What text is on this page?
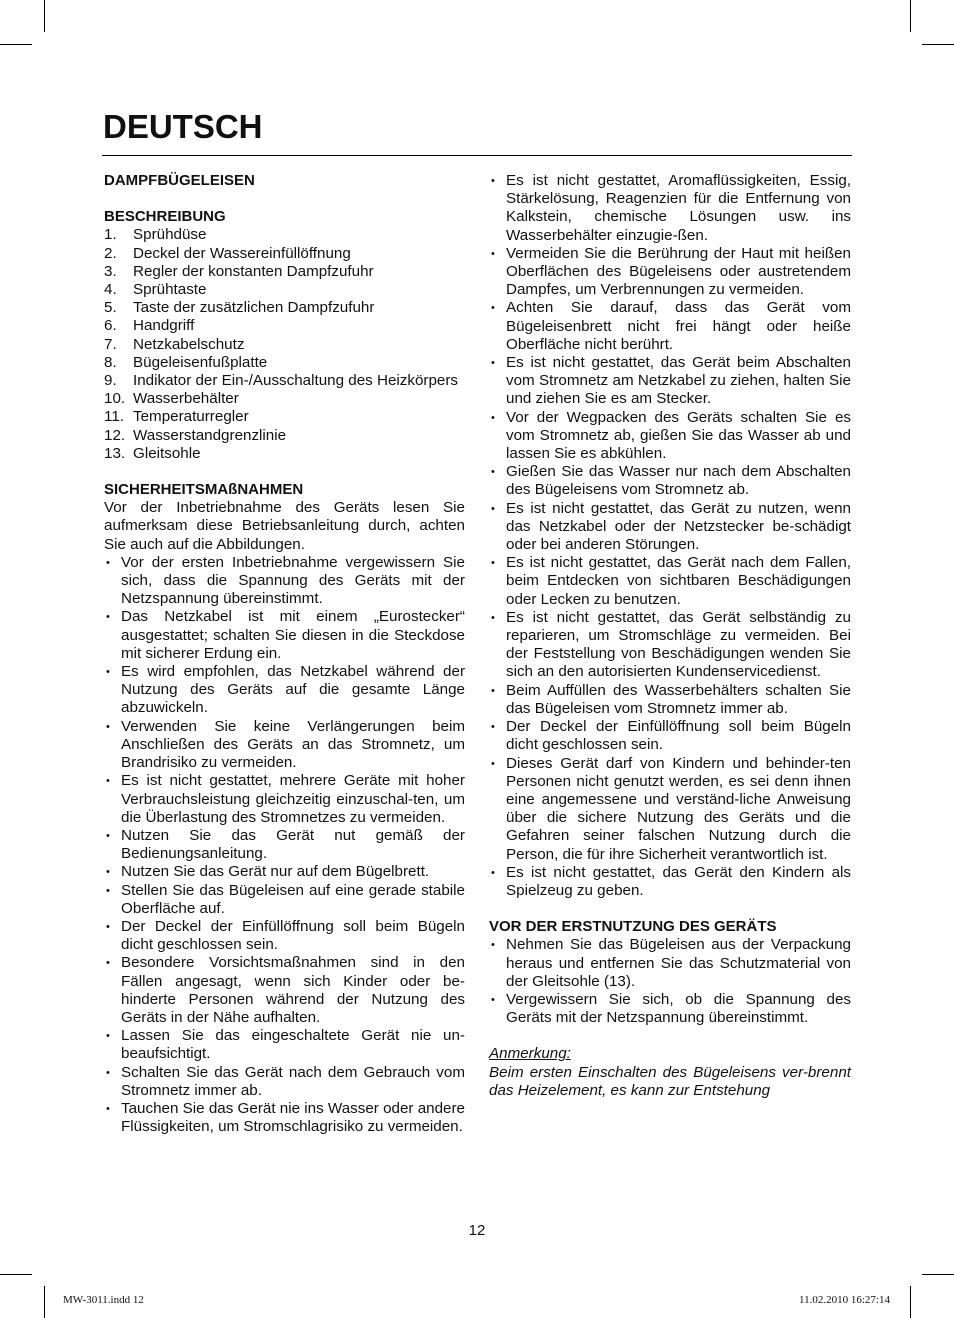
DEUTSCH
DAMPFBÜGELEISEN
BESCHREIBUNG
1.	Sprühdüse
2.	Deckel der Wassereinfüllöffnung
3.	Regler der konstanten Dampfzufuhr
4.	Sprühtaste
5.	Taste der zusätzlichen Dampfzufuhr
6.	Handgriff
7.	Netzkabelschutz
8.	Bügeleisenfußplatte
9.	Indikator der Ein-/Ausschaltung des Heizkörpers
10. Wasserbehälter
11. Temperaturregler
12. Wasserstandgrenzlinie
13. Gleitsohle
SICHERHEITSMAßNAHMEN

Vor der Inbetriebnahme des Geräts lesen Sie aufmerksam diese Betriebsanleitung durch, achten Sie auch auf die Abbildungen.

• Vor der ersten Inbetriebnahme vergewissern Sie sich, dass die Spannung des Geräts mit der Netzspannung übereinstimmt.
• Das Netzkabel ist mit einem „Eurostecker“ ausgestattet; schalten Sie diesen in die Steckdose mit sicherer Erdung ein.
• Es wird empfohlen, das Netzkabel während der Nutzung des Geräts auf die gesamte Länge abzuwickeln.
• Verwenden Sie keine Verlängerungen beim Anschließen des Geräts an das Stromnetz, um Brandrisiko zu vermeiden.
• Es ist nicht gestattet, mehrere Geräte mit hoher Verbrauchsleistung gleichzeitig einzuschal-ten, um die Überlastung des Stromnetzes zu vermeiden.
• Nutzen Sie das Gerät nut gemäß der Bedienungsanleitung.
• Nutzen Sie das Gerät nur auf dem Bügelbrett.
• Stellen Sie das Bügeleisen auf eine gerade stabile Oberfläche auf.
• Der Deckel der Einfüllöffnung soll beim Bügeln dicht geschlossen sein.
• Besondere Vorsichtsmaßnahmen sind in den Fällen angesagt, wenn sich Kinder oder be-hinderte Personen während der Nutzung des Geräts in der Nähe aufhalten.
• Lassen Sie das eingeschaltete Gerät nie un-beaufsichtigt.
• Schalten Sie das Gerät nach dem Gebrauch vom Stromnetz immer ab.
• Tauchen Sie das Gerät nie ins Wasser oder andere Flüssigkeiten, um Stromschlagrisiko zu vermeiden.
• Es ist nicht gestattet, Aromaflüssigkeiten, Essig, Stärkelösung, Reagenzien für die Entfernung von Kalkstein, chemische Lösungen usw. ins Wasserbehälter einzugie-ßen.
• Vermeiden Sie die Berührung der Haut mit heißen Oberflächen des Bügeleisens oder austretendem Dampfes, um Verbrennungen zu vermeiden.
• Achten Sie darauf, dass das Gerät vom Bügeleisenbrett nicht frei hängt oder heiße Oberfläche nicht berührt.
• Es ist nicht gestattet, das Gerät beim Abschalten vom Stromnetz am Netzkabel zu ziehen, halten Sie und ziehen Sie es am Stecker.
• Vor der Wegpacken des Geräts schalten Sie es vom Stromnetz ab, gießen Sie das Wasser ab und lassen Sie es abkühlen.
• Gießen Sie das Wasser nur nach dem Abschalten des Bügeleisens vom Stromnetz ab.
• Es ist nicht gestattet, das Gerät zu nutzen, wenn das Netzkabel oder der Netzstecker be-schädigt oder bei anderen Störungen.
• Es ist nicht gestattet, das Gerät nach dem Fallen, beim Entdecken von sichtbaren Beschädigungen oder Lecken zu benutzen.
• Es ist nicht gestattet, das Gerät selbständig zu reparieren, um Stromschläge zu vermeiden. Bei der Feststellung von Beschädigungen wenden Sie sich an den autorisierten Kundenservicedienst.
• Beim Auffüllen des Wasserbehälters schalten Sie das Bügeleisen vom Stromnetz immer ab.
• Der Deckel der Einfüllöffnung soll beim Bügeln dicht geschlossen sein.
• Dieses Gerät darf von Kindern und behinder-ten Personen nicht genutzt werden, es sei denn ihnen eine angemessene und verständ-liche Anweisung über die sichere Nutzung des Geräts und die Gefahren seiner falschen Nutzung durch die Person, die für ihre Sicherheit verantwortlich ist.
• Es ist nicht gestattet, das Gerät den Kindern als Spielzeug zu geben.
VOR DER ERSTNUTZUNG DES GERÄTS
• Nehmen Sie das Bügeleisen aus der Verpackung heraus und entfernen Sie das Schutzmaterial von der Gleitsohle (13).
• Vergewissern Sie sich, ob die Spannung des Geräts mit der Netzspannung übereinstimmt.
Anmerkung:
Beim ersten Einschalten des Bügeleisens ver-brennt das Heizelement, es kann zur Entstehung
12
MW-3011.indd 12	11.02.2010 16:27:14
